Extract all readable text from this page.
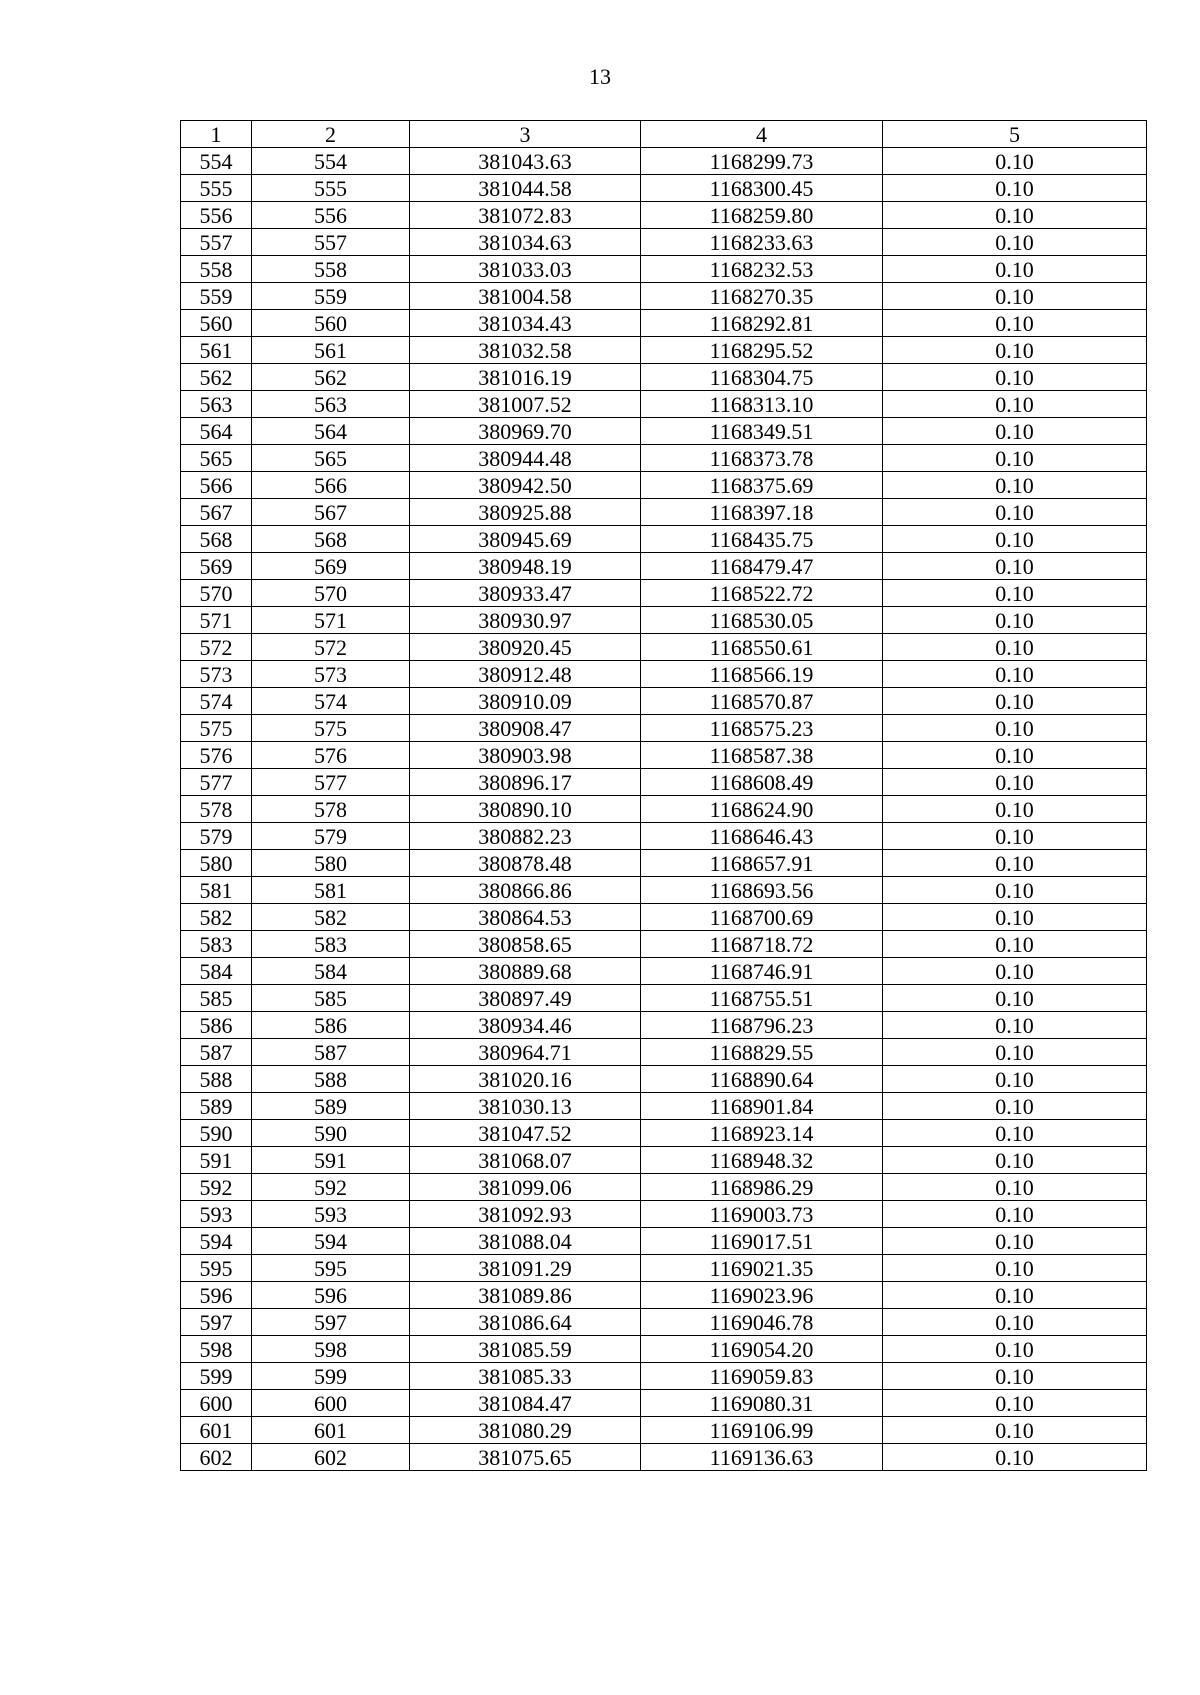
13
1	2	3	4	5
554	554	381043.63	1168299.73	0.10
555	555	381044.58	1168300.45	0.10
556	556	381072.83	1168259.80	0.10
557	557	381034.63	1168233.63	0.10
558	558	381033.03	1168232.53	0.10
559	559	381004.58	1168270.35	0.10
560	560	381034.43	1168292.81	0.10
561	561	381032.58	1168295.52	0.10
562	562	381016.19	1168304.75	0.10
563	563	381007.52	1168313.10	0.10
564	564	380969.70	1168349.51	0.10
565	565	380944.48	1168373.78	0.10
566	566	380942.50	1168375.69	0.10
567	567	380925.88	1168397.18	0.10
568	568	380945.69	1168435.75	0.10
569	569	380948.19	1168479.47	0.10
570	570	380933.47	1168522.72	0.10
571	571	380930.97	1168530.05	0.10
572	572	380920.45	1168550.61	0.10
573	573	380912.48	1168566.19	0.10
574	574	380910.09	1168570.87	0.10
575	575	380908.47	1168575.23	0.10
576	576	380903.98	1168587.38	0.10
577	577	380896.17	1168608.49	0.10
578	578	380890.10	1168624.90	0.10
579	579	380882.23	1168646.43	0.10
580	580	380878.48	1168657.91	0.10
581	581	380866.86	1168693.56	0.10
582	582	380864.53	1168700.69	0.10
583	583	380858.65	1168718.72	0.10
584	584	380889.68	1168746.91	0.10
585	585	380897.49	1168755.51	0.10
586	586	380934.46	1168796.23	0.10
587	587	380964.71	1168829.55	0.10
588	588	381020.16	1168890.64	0.10
589	589	381030.13	1168901.84	0.10
590	590	381047.52	1168923.14	0.10
591	591	381068.07	1168948.32	0.10
592	592	381099.06	1168986.29	0.10
593	593	381092.93	1169003.73	0.10
594	594	381088.04	1169017.51	0.10
595	595	381091.29	1169021.35	0.10
596	596	381089.86	1169023.96	0.10
597	597	381086.64	1169046.78	0.10
598	598	381085.59	1169054.20	0.10
599	599	381085.33	1169059.83	0.10
600	600	381084.47	1169080.31	0.10
601	601	381080.29	1169106.99	0.10
602	602	381075.65	1169136.63	0.10
